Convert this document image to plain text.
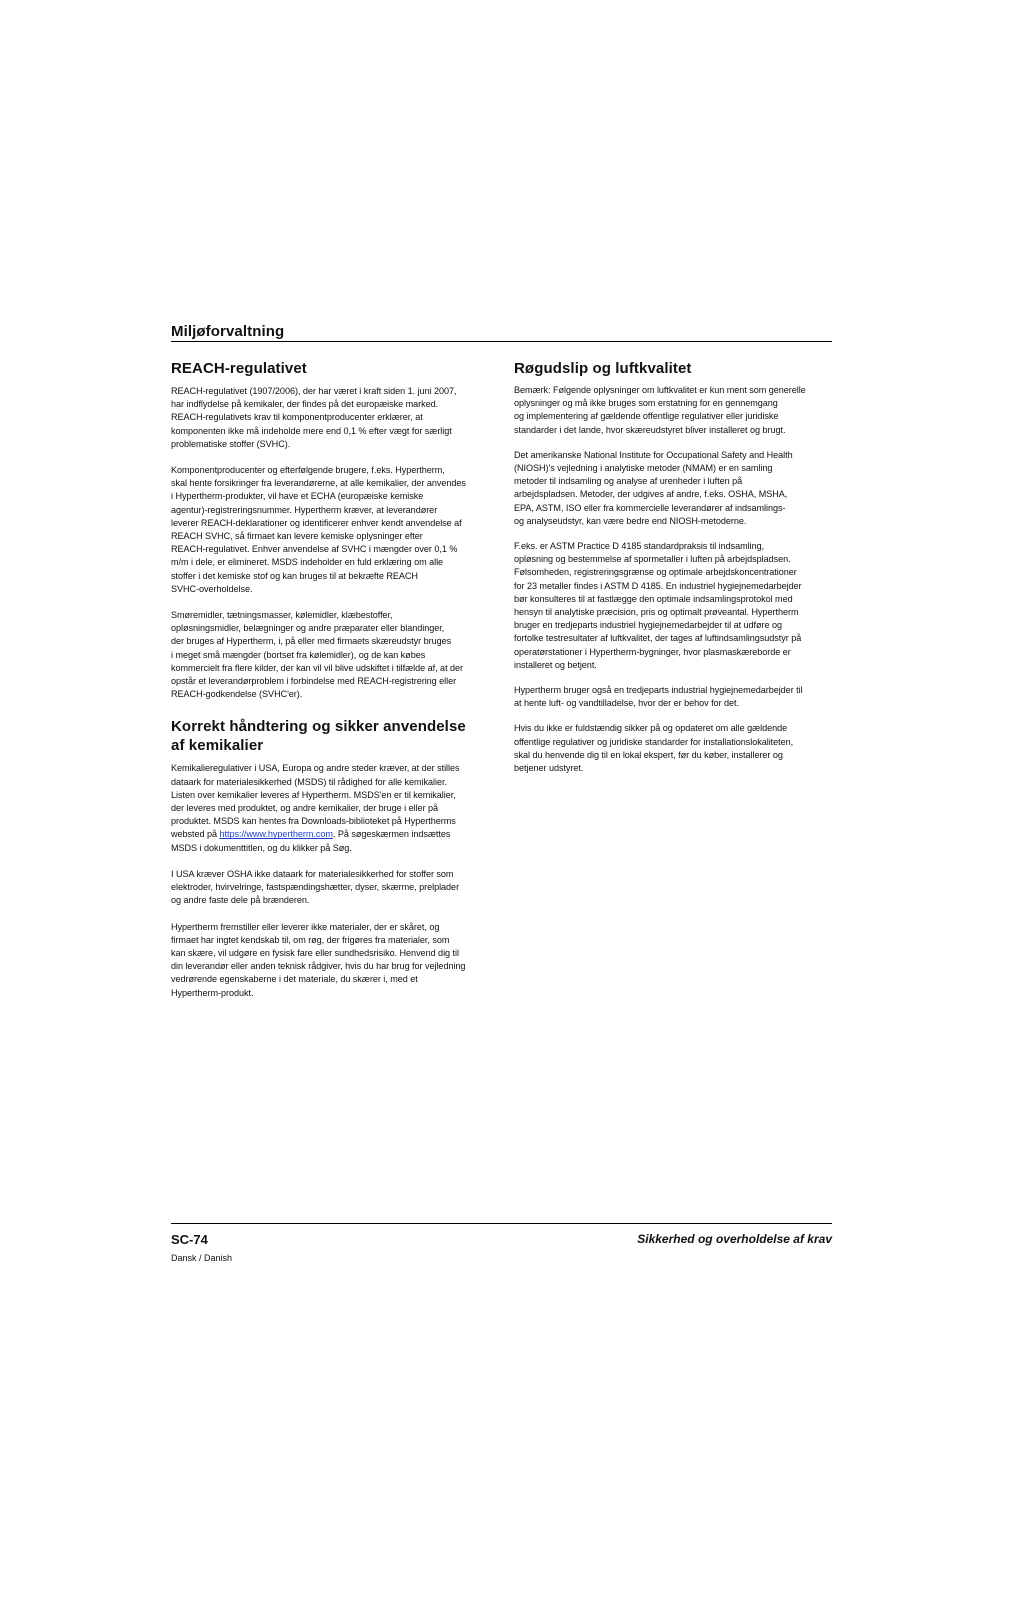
Miljøforvaltning
REACH-regulativet

REACH-regulativet (1907/2006), der har været i kraft siden 1. juni 2007,
har indflydelse på kemikaler, der findes på det europæiske marked.
REACH-regulativets krav til komponentproducenter erklærer, at
komponenten ikke må indeholde mere end 0,1 % efter vægt for særligt
problematiske stoffer (SVHC).

Komponentproducenter og efterfølgende brugere, f.eks. Hypertherm,
skal hente forsikringer fra leverandørerne, at alle kemikalier, der anvendes
i Hypertherm-produkter, vil have et ECHA (europæiske kemiske
agentur)-registreringsnummer. Hypertherm kræver, at leverandører
leverer REACH-deklarationer og identificerer enhver kendt anvendelse af
REACH SVHC, så firmaet kan levere kemiske oplysninger efter
REACH-regulativet. Enhver anvendelse af SVHC i mængder over 0,1 %
m/m i dele, er elimineret. MSDS indeholder en fuld erklæring om alle
stoffer i det kemiske stof og kan bruges til at bekræfte REACH
SVHC-overholdelse.

Smøremidler, tætningsmasser, kølemidler, klæbestoffer,
opløsningsmidler, belægninger og andre præparater eller blandinger,
der bruges af Hypertherm, i, på eller med firmaets skæreudstyr bruges
i meget små mængder (bortset fra kølemidler), og de kan købes
kommercielt fra flere kilder, der kan vil vil blive udskiftet i tilfælde af, at der
opstår et leverandørproblem i forbindelse med REACH-registrering eller
REACH-godkendelse (SVHC'er).

Korrekt håndtering og sikker anvendelse
af kemikalier

Kemikalieregulativer i USA, Europa og andre steder kræver, at der stilles
dataark for materialesikkerhed (MSDS) til rådighed for alle kemikalier.
Listen over kemikalier leveres af Hypertherm. MSDS'en er til kemikalier,
der leveres med produktet, og andre kemikalier, der bruge i eller på
produktet. MSDS kan hentes fra Downloads-biblioteket på Hypertherms
websted på https://www.hypertherm.com. På søgeskærmen indsættes
MSDS i dokumenttitlen, og du klikker på Søg.

I USA kræver OSHA ikke dataark for materialesikkerhed for stoffer som
elektroder, hvirvelringe, fastspændingshætter, dyser, skærme, prelplader
og andre faste dele på brænderen.

Hypertherm fremstiller eller leverer ikke materialer, der er skåret, og
firmaet har ingtet kendskab til, om røg, der frigøres fra materialer, som
kan skære, vil udgøre en fysisk fare eller sundhedsrisiko. Henvend dig til
din leverandør eller anden teknisk rådgiver, hvis du har brug for vejledning
vedrørende egenskaberne i det materiale, du skærer i, med et
Hypertherm-produkt.

Røgudslip og luftkvalitet

Bemærk: Følgende oplysninger om luftkvalitet er kun ment som generelle
oplysninger og må ikke bruges som erstatning for en gennemgang
og implementering af gældende offentlige regulativer eller juridiske
standarder i det lande, hvor skæreudstyret bliver installeret og brugt.

Det amerikanske National Institute for Occupational Safety and Health
(NIOSH)'s vejledning i analytiske metoder (NMAM) er en samling
metoder til indsamling og analyse af urenheder i luften på
arbejdspladsen. Metoder, der udgives af andre, f.eks. OSHA, MSHA,
EPA, ASTM, ISO eller fra kommercielle leverandører af indsamlings-
og analyseudstyr, kan være bedre end NIOSH-metoderne.

F.eks. er ASTM Practice D 4185 standardpraksis til indsamling,
opløsning og bestemmelse af spormetaller i luften på arbejdspladsen.
Følsomheden, registreringsgrænse og optimale arbejdskoncentrationer
for 23 metaller findes i ASTM D 4185. En industriel hygiejnemedarbejder
bør konsulteres til at fastlægge den optimale indsamlingsprotokol med
hensyn til analytiske præcision, pris og optimalt prøveantal. Hypertherm
bruger en tredjeparts industriel hygiejnemedarbejder til at udføre og
fortolke testresultater af luftkvalitet, der tages af luftindsamlingsudstyr på
operatørstationer i Hypertherm-bygninger, hvor plasmaskæreborde er
installeret og betjent.

Hypertherm bruger også en tredjeparts industrial hygiejnemedarbejder til
at hente luft- og vandtilladelse, hvor der er behov for det.

Hvis du ikke er fuldstændig sikker på og opdateret om alle gældende
offentlige regulativer og juridiske standarder for installationslokaliteten,
skal du henvende dig til en lokal ekspert, før du køber, installerer og
betjener udstyret.

SC-74
Dansk / Danish
Sikkerhed og overholdelse af krav
